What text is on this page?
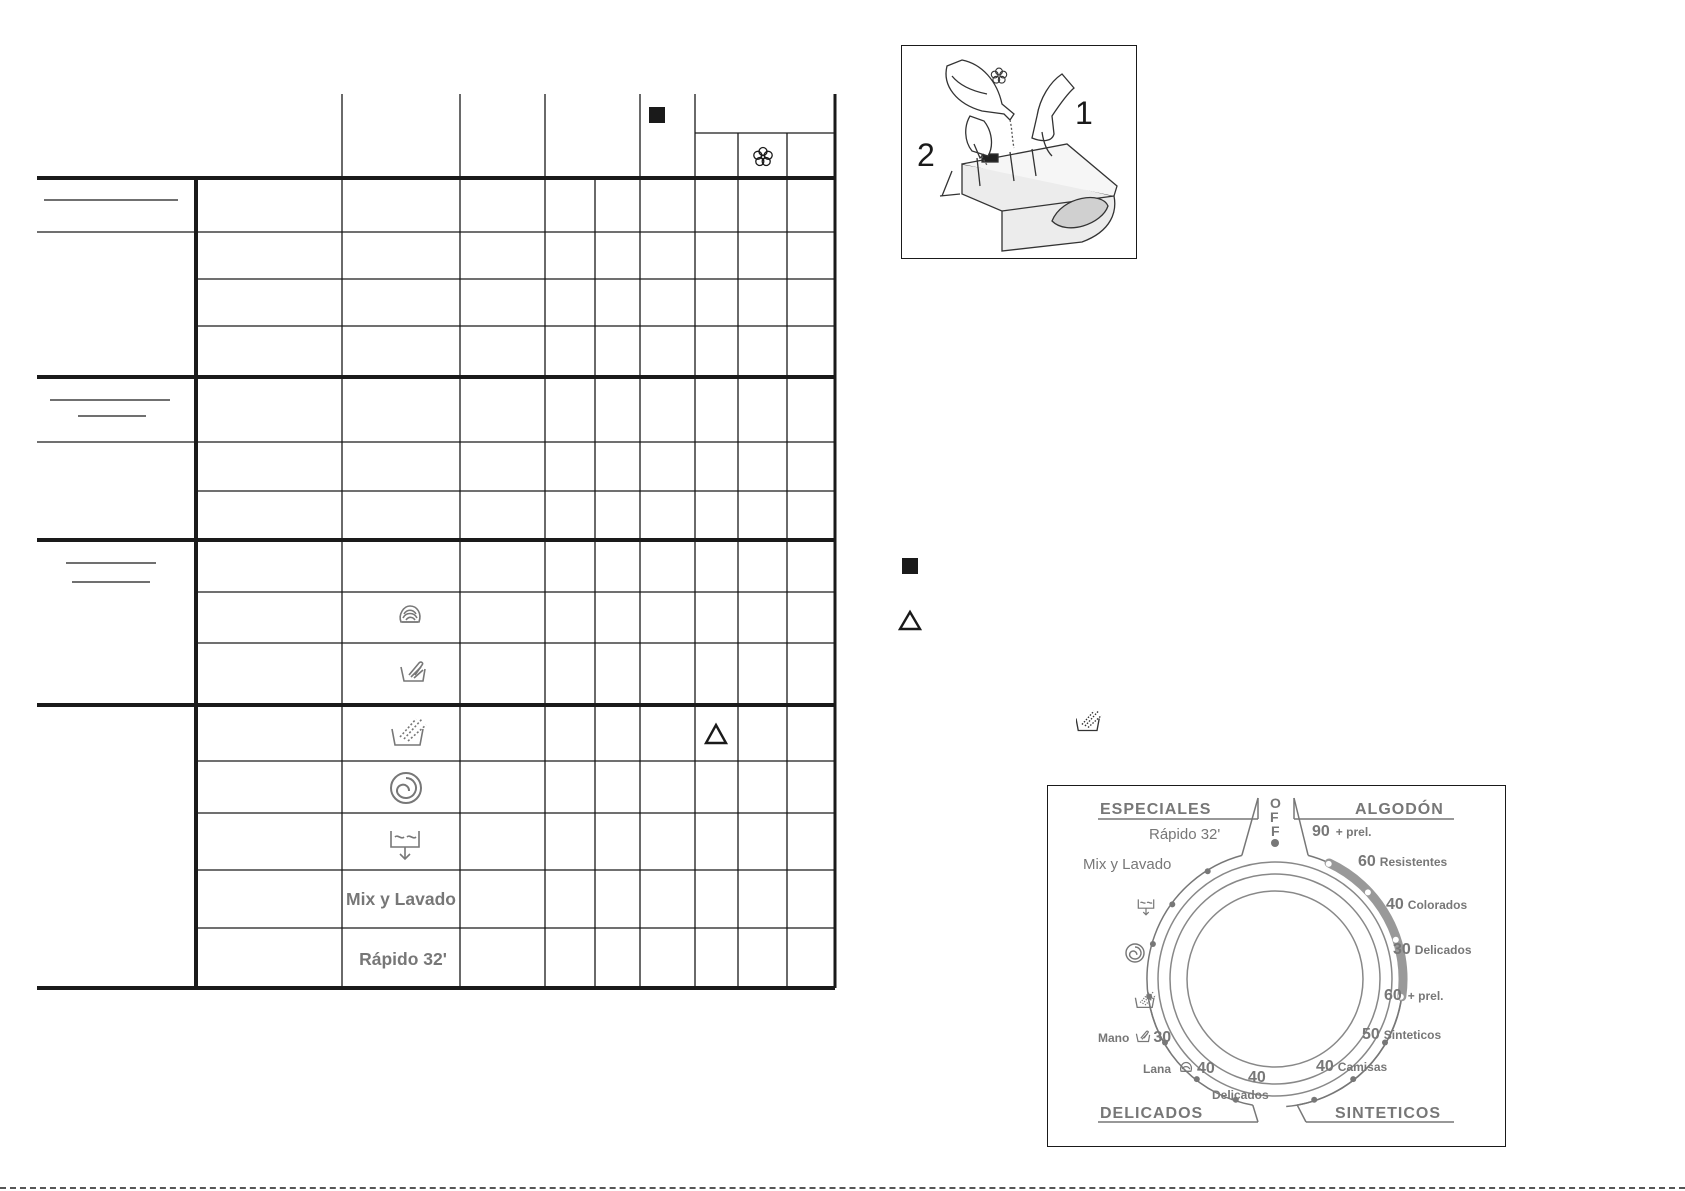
Mix y Lavado
Rápido 32'
1
2
ESPECIALES	ALGODÓN
DELICADOS	SINTETICOS
O F F
Rápido 32'
Mix y Lavado
90 + prel.
60 Resistentes
40 Colorados
30 Delicados
60 + prel.
50 Sinteticos
40 Camisas
Mano 30
Lana 40
40
Delicados
